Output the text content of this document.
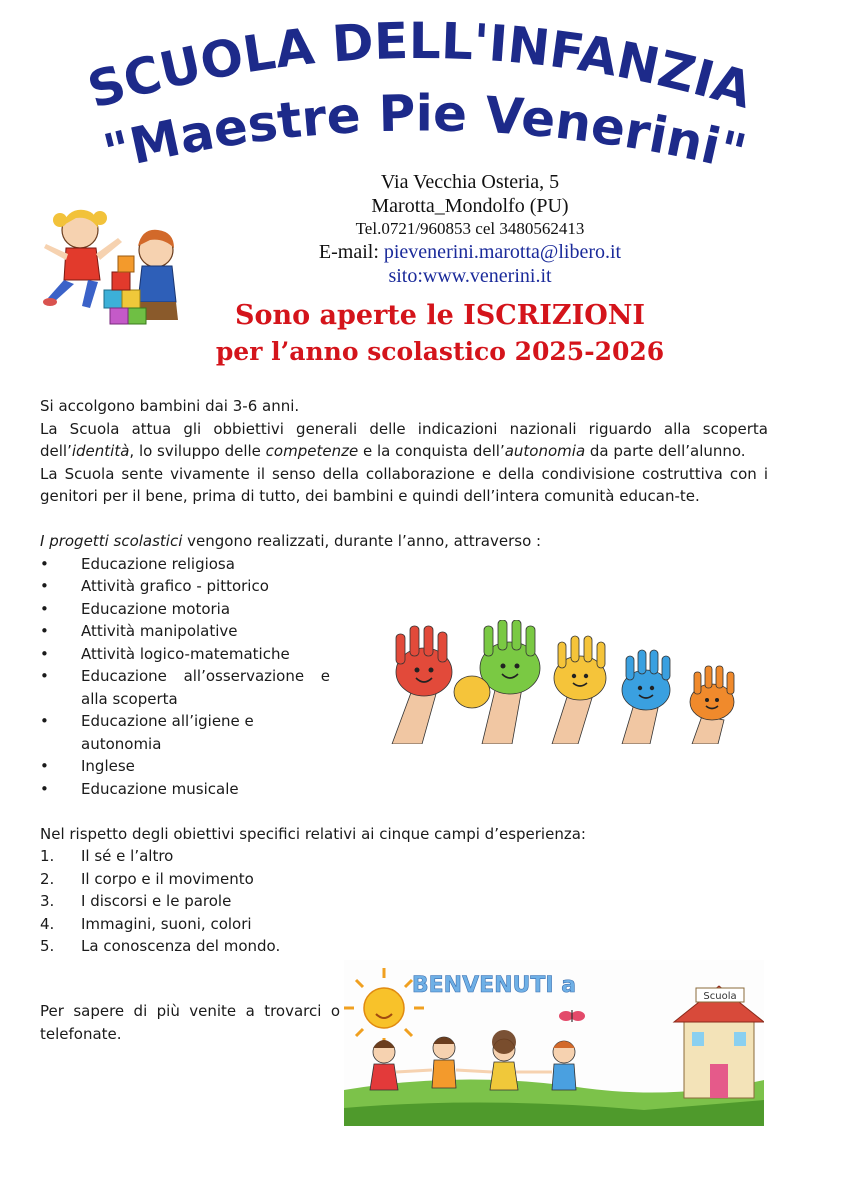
SCUOLA DELL'INFANZIA
"Maestre Pie Venerini"
Via Vecchia Osteria, 5
Marotta_Mondolfo (PU)
Tel.0721/960853 cel 3480562413
E-mail: pievenerini.marotta@libero.it
sito:www.venerini.it
Sono aperte le ISCRIZIONI
per l’anno scolastico 2025-2026

Si accolgono bambini dai 3-6 anni.

La Scuola attua gli obbiettivi generali delle indicazioni nazionali riguardo alla scoperta dell’identità, lo sviluppo delle competenze e la conquista dell’autonomia da parte dell’alunno.

La Scuola sente vivamente il senso della collaborazione e della condivisione costruttiva con i genitori per il bene, prima di tutto, dei bambini e quindi dell’intera comunità educan-te.

I progetti scolastici vengono realizzati, durante l’anno, attraverso :

• Educazione religiosa
• Attività grafico - pittorico
• Educazione motoria
• Attività manipolative
• Attività logico-matematiche
• Educazione all’osservazione e alla scoperta
• Educazione all’igiene e autonomia
• Inglese
• Educazione musicale

Nel rispetto degli obiettivi specifici relativi ai cinque campi d’esperienza:

1. Il sé e l’altro
2. Il corpo e il movimento
3. I discorsi e le parole
4. Immagini, suoni, colori
5. La conoscenza del mondo.
Per sapere di più venite a trovarci o telefonate.
BENVENUTI a	Scuola
